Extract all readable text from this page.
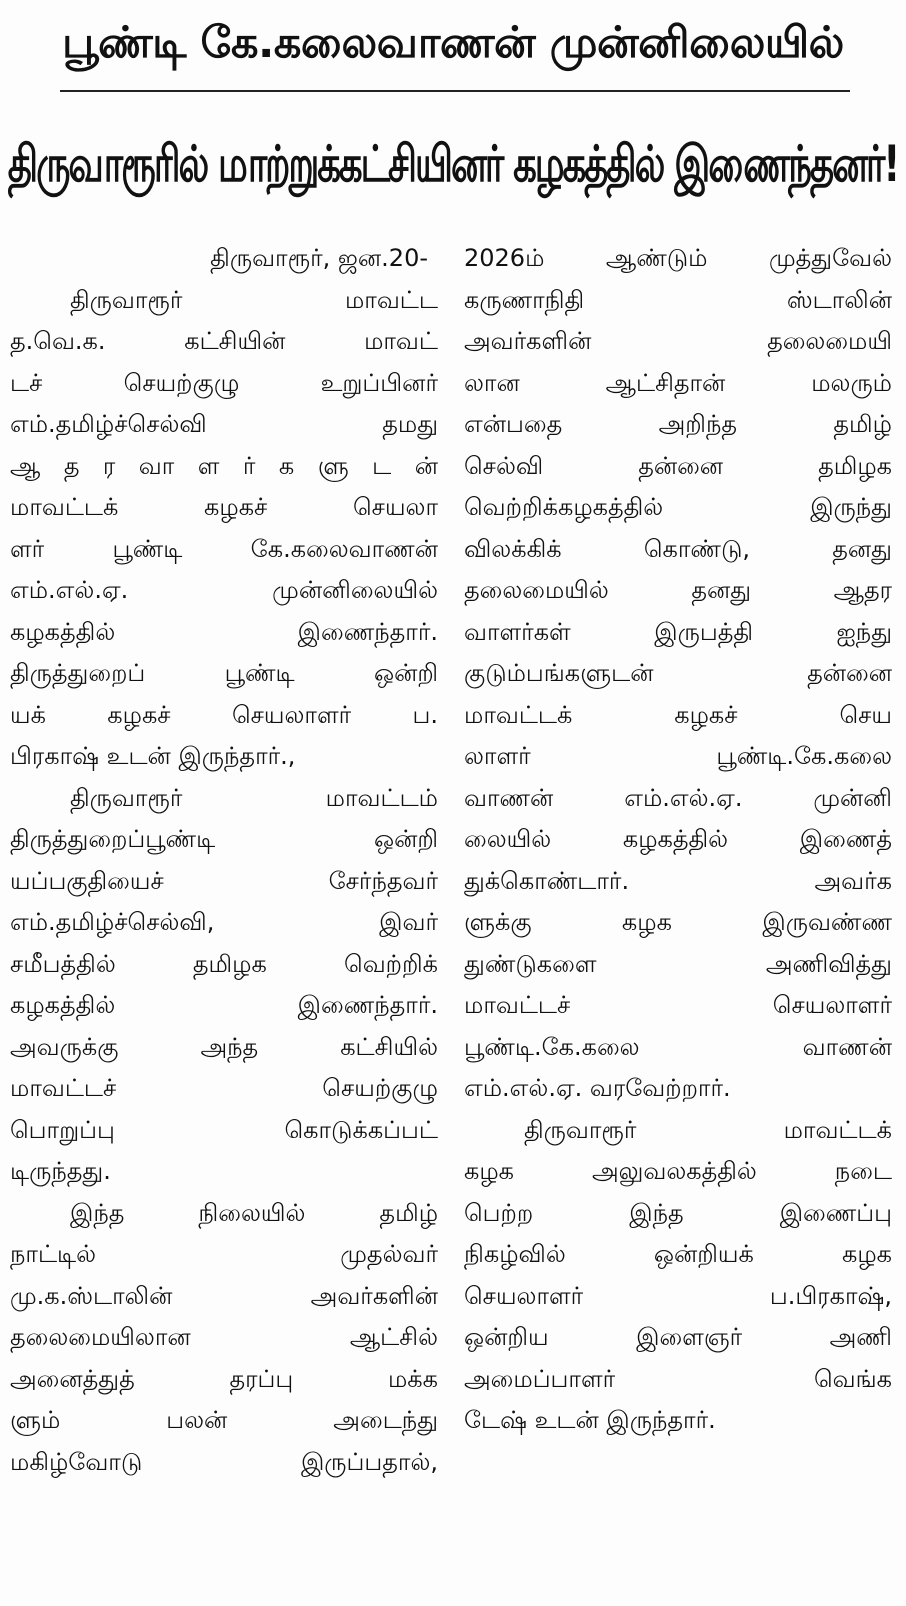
பூண்டி கே.கலைவாணன் முன்னிலையில்
திருவாரூரில் மாற்றுக்கட்சியினர் கழகத்தில் இணைந்தனர்!
திருவாரூர், ஜன.20-
திருவாரூர் மாவட்ட
த.வெ.க. கட்சியின் மாவட்
டச் செயற்குழு உறுப்பினர்
எம்.தமிழ்ச்செல்வி தமது
ஆ த ர வா ள ர் க ளு ட ன்
மாவட்டக் கழகச் செயலா
ளர் பூண்டி கே.கலைவாணன்
எம்.எல்.ஏ. முன்னிலையில்
கழகத்தில் இணைந்தார்.
திருத்துறைப் பூண்டி ஒன்றி
யக் கழகச் செயலாளர் ப.
பிரகாஷ் உடன் இருந்தார்.,
திருவாரூர் மாவட்டம்
திருத்துறைப்பூண்டி ஒன்றி
யப்பகுதியைச் சேர்ந்தவர்
எம்.தமிழ்ச்செல்வி, இவர்
சமீபத்தில் தமிழக வெற்றிக்
கழகத்தில் இணைந்தார்.
அவருக்கு அந்த கட்சியில்
மாவட்டச் செயற்குழு
பொறுப்பு கொடுக்கப்பட்
டிருந்தது.
இந்த நிலையில் தமிழ்
நாட்டில் முதல்வர்
மு.க.ஸ்டாலின் அவர்களின்
தலைமையிலான ஆட்சில்
அனைத்துத் தரப்பு மக்க
ளும் பலன் அடைந்து
மகிழ்வோடு இருப்பதால்,
2026ம் ஆண்டும் முத்துவேல்
கருணாநிதி ஸ்டாலின்
அவர்களின் தலைமையி
லான ஆட்சிதான் மலரும்
என்பதை அறிந்த தமிழ்
செல்வி தன்னை தமிழக
வெற்றிக்கழகத்தில் இருந்து
விலக்கிக் கொண்டு, தனது
தலைமையில் தனது ஆதர
வாளர்கள் இருபத்தி ஐந்து
குடும்பங்களுடன் தன்னை
மாவட்டக் கழகச் செய
லாளர் பூண்டி.கே.கலை
வாணன் எம்.எல்.ஏ. முன்னி
லையில் கழகத்தில் இணைத்
துக்கொண்டார். அவர்க
ளுக்கு கழக இருவண்ண
துண்டுகளை அணிவித்து
மாவட்டச் செயலாளர்
பூண்டி.கே.கலை வாணன்
எம்.எல்.ஏ. வரவேற்றார்.
திருவாரூர் மாவட்டக்
கழக அலுவலகத்தில் நடை
பெற்ற இந்த இணைப்பு
நிகழ்வில் ஒன்றியக் கழக
செயலாளர் ப.பிரகாஷ்,
ஒன்றிய இளைஞர் அணி
அமைப்பாளர் வெங்க
டேஷ் உடன் இருந்தார்.
